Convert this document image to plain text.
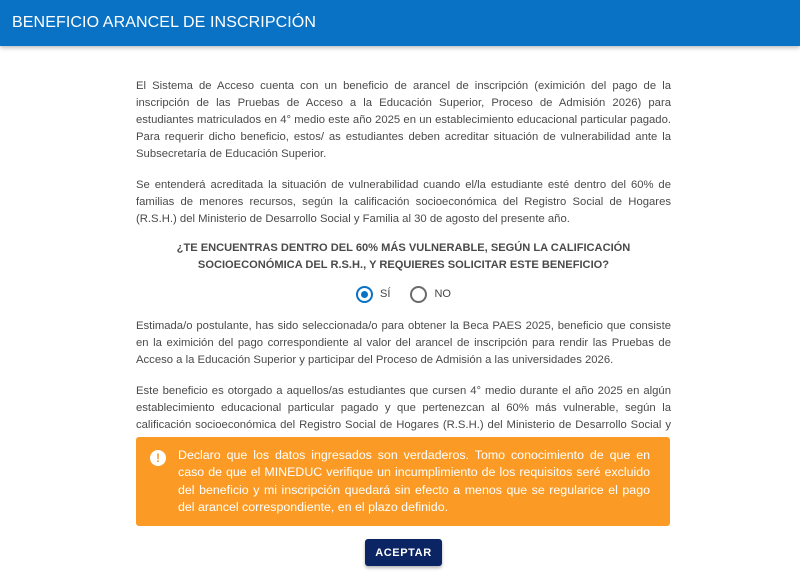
BENEFICIO ARANCEL DE INSCRIPCIÓN

El Sistema de Acceso cuenta con un beneficio de arancel de inscripción (eximición del pago de la inscripción de las Pruebas de Acceso a la Educación Superior, Proceso de Admisión 2026) para estudiantes matriculados en 4° medio este año 2025 en un establecimiento educacional particular pagado. Para requerir dicho beneficio, estos/ as estudiantes deben acreditar situación de vulnerabilidad ante la Subsecretaría de Educación Superior.

Se entenderá acreditada la situación de vulnerabilidad cuando el/la estudiante esté dentro del 60% de familias de menores recursos, según la calificación socioeconómica del Registro Social de Hogares (R.S.H.) del Ministerio de Desarrollo Social y Familia al 30 de agosto del presente año.

¿TE ENCUENTRAS DENTRO DEL 60% MÁS VULNERABLE, SEGÚN LA CALIFICACIÓN SOCIOECONÓMICA DEL R.S.H., Y REQUIERES SOLICITAR ESTE BENEFICIO?

SÍ	NO

Estimada/o postulante, has sido seleccionada/o para obtener la Beca PAES 2025, beneficio que consiste en la eximición del pago correspondiente al valor del arancel de inscripción para rendir las Pruebas de Acceso a la Educación Superior y participar del Proceso de Admisión a las universidades 2026.

Este beneficio es otorgado a aquellos/as estudiantes que cursen 4° medio durante el año 2025 en algún establecimiento educacional particular pagado y que pertenezcan al 60% más vulnerable, según la calificación socioeconómica del Registro Social de Hogares (R.S.H.) del Ministerio de Desarrollo Social y

!	Declaro que los datos ingresados son verdaderos. Tomo conocimiento de que en caso de que el MINEDUC verifique un incumplimiento de los requisitos seré excluido del beneficio y mi inscripción quedará sin efecto a menos que se regularice el pago del arancel correspondiente, en el plazo definido.
ACEPTAR
